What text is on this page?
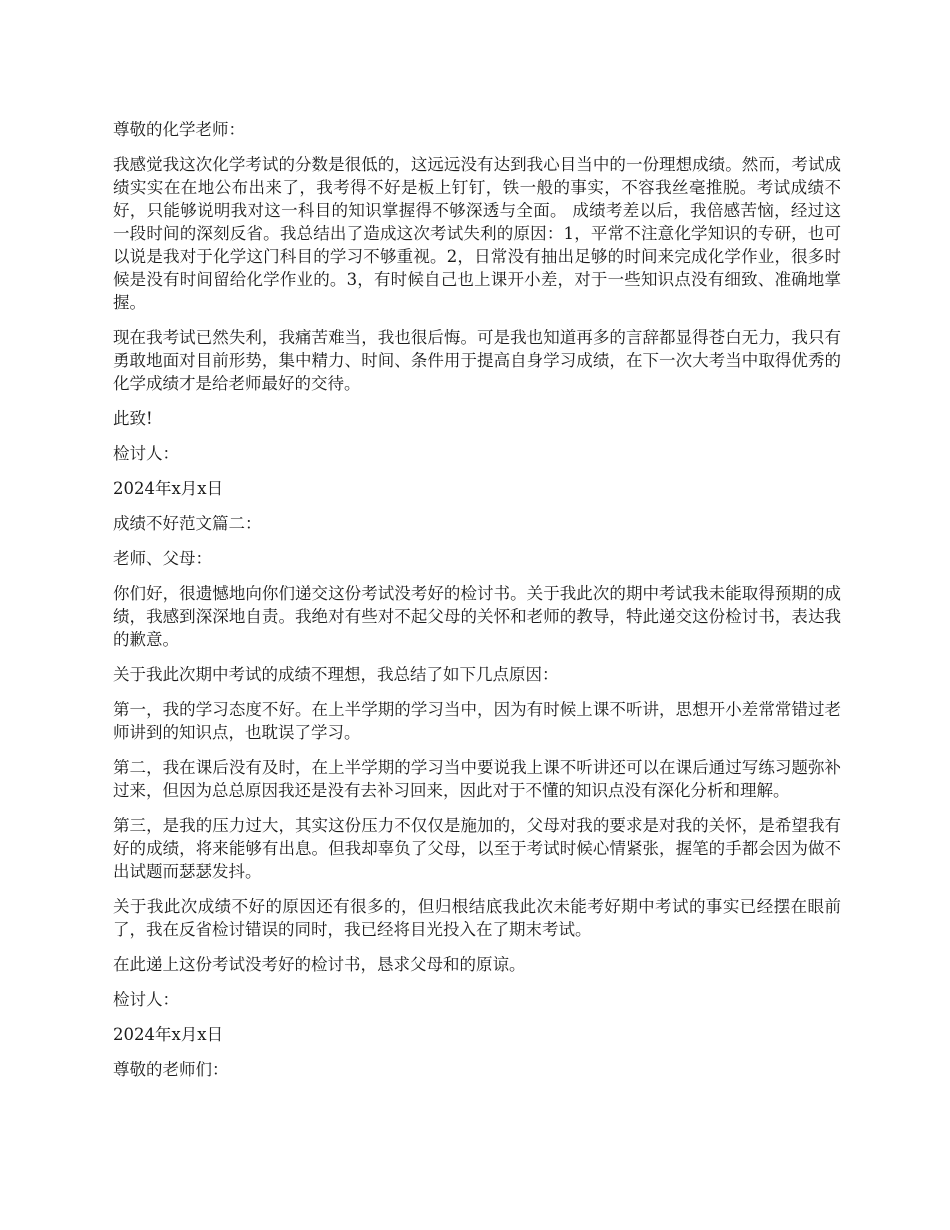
尊敬的化学老师：

我感觉我这次化学考试的分数是很低的，这远远没有达到我心目当中的一份理想成绩。然而，考试成绩实实在在地公布出来了，我考得不好是板上钉钉，铁一般的事实，不容我丝毫推脱。考试成绩不好，只能够说明我对这一科目的知识掌握得不够深透与全面。 成绩考差以后，我倍感苦恼，经过这一段时间的深刻反省。我总结出了造成这次考试失利的原因：1，平常不注意化学知识的专研，也可以说是我对于化学这门科目的学习不够重视。2，日常没有抽出足够的时间来完成化学作业，很多时候是没有时间留给化学作业的。3，有时候自己也上课开小差，对于一些知识点没有细致、准确地掌握。

现在我考试已然失利，我痛苦难当，我也很后悔。可是我也知道再多的言辞都显得苍白无力，我只有勇敢地面对目前形势，集中精力、时间、条件用于提高自身学习成绩，在下一次大考当中取得优秀的化学成绩才是给老师最好的交待。

此致!

检讨人：

2024年x月x日

成绩不好范文篇二：

老师、父母：

你们好，很遗憾地向你们递交这份考试没考好的检讨书。关于我此次的期中考试我未能取得预期的成绩，我感到深深地自责。我绝对有些对不起父母的关怀和老师的教导，特此递交这份检讨书，表达我的歉意。

关于我此次期中考试的成绩不理想，我总结了如下几点原因：

第一，我的学习态度不好。在上半学期的学习当中，因为有时候上课不听讲，思想开小差常常错过老师讲到的知识点，也耽误了学习。

第二，我在课后没有及时，在上半学期的学习当中要说我上课不听讲还可以在课后通过写练习题弥补过来，但因为总总原因我还是没有去补习回来，因此对于不懂的知识点没有深化分析和理解。

第三，是我的压力过大，其实这份压力不仅仅是施加的，父母对我的要求是对我的关怀，是希望我有好的成绩，将来能够有出息。但我却辜负了父母，以至于考试时候心情紧张，握笔的手都会因为做不出试题而瑟瑟发抖。

关于我此次成绩不好的原因还有很多的，但归根结底我此次未能考好期中考试的事实已经摆在眼前了，我在反省检讨错误的同时，我已经将目光投入在了期末考试。

在此递上这份考试没考好的检讨书，恳求父母和的原谅。

检讨人：

2024年x月x日

尊敬的老师们：
